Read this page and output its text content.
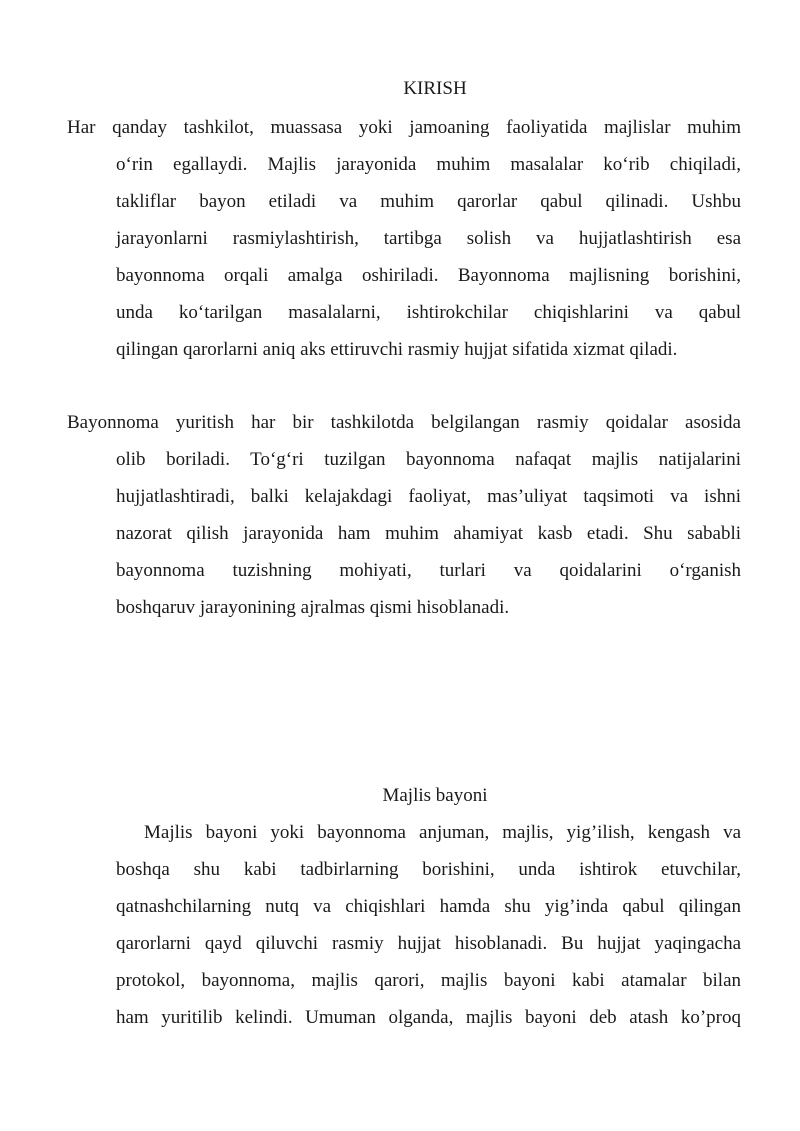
KIRISH
Har qanday tashkilot, muassasa yoki jamoaning faoliyatida majlislar muhim
o‘rin egallaydi. Majlis jarayonida muhim masalalar ko‘rib chiqiladi,
takliflar bayon etiladi va muhim qarorlar qabul qilinadi. Ushbu
jarayonlarni rasmiylashtirish, tartibga solish va hujjatlashtirish esa
bayonnoma orqali amalga oshiriladi. Bayonnoma majlisning borishini,
unda ko‘tarilgan masalalarni, ishtirokchilar chiqishlarini va qabul
qilingan qarorlarni aniq aks ettiruvchi rasmiy hujjat sifatida xizmat qiladi.
Bayonnoma yuritish har bir tashkilotda belgilangan rasmiy qoidalar asosida
olib boriladi. To‘g‘ri tuzilgan bayonnoma nafaqat majlis natijalarini
hujjatlashtiradi, balki kelajakdagi faoliyat, mas’uliyat taqsimoti va ishni
nazorat qilish jarayonida ham muhim ahamiyat kasb etadi. Shu sababli
bayonnoma tuzishning mohiyati, turlari va qoidalarini o‘rganish
boshqaruv jarayonining ajralmas qismi hisoblanadi.
Majlis bayoni
Majlis bayoni yoki bayonnoma anjuman, majlis, yig’ilish, kengash va
boshqa shu kabi tadbirlarning borishini, unda ishtirok etuvchilar,
qatnashchilarning nutq va chiqishlari hamda shu yig’inda qabul qilingan
qarorlarni qayd qiluvchi rasmiy hujjat hisoblanadi. Bu hujjat yaqingacha
protokol, bayonnoma, majlis qarori, majlis bayoni kabi atamalar bilan
ham yuritilib kelindi. Umuman olganda, majlis bayoni deb atash ko’proq
